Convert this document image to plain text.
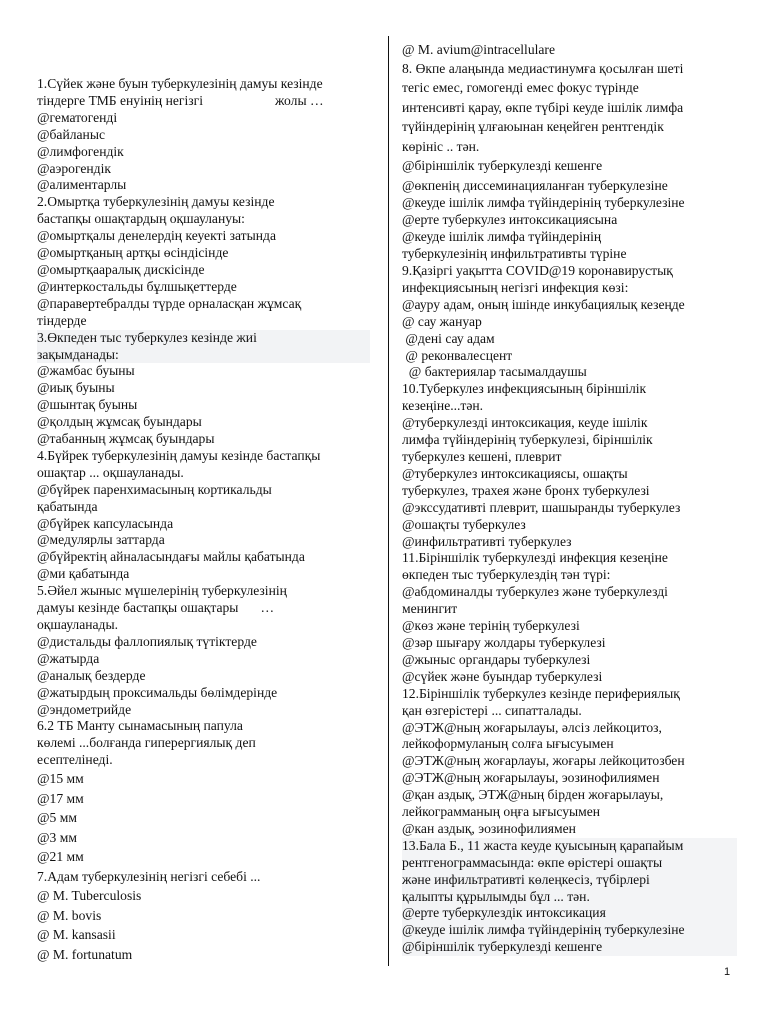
1.Сүйек және буын туберкулезінің дамуы кезінде
тіндерге ТМБ енуінің негізгі	жолы …
@гематогенді
@байланыс
@лимфогендік
@аэрогендік
@алиментарлы
2.Омыртқа туберкулезінің дамуы кезінде
бастапқы ошақтардың оқшаулануы:
@омыртқалы денелердің кеуекті затында
@омыртқаның артқы өсіндісінде
@омыртқааралық дискісінде
@интеркостальды бұлшықеттерде
@паравертебралды түрде орналасқан жұмсақ
тіндерде
3.Өкпеден тыс туберкулез кезінде жиі
зақымданады:
@жамбас буыны
@иық буыны
@шынтақ буыны
@қолдың жұмсақ буындары
@табанның жұмсақ буындары
4.Бүйрек туберкулезінің дамуы кезінде бастапқы
ошақтар ... оқшауланады.
@бүйрек паренхимасының кортикальды
қабатында
@бүйрек капсуласында
@медулярлы заттарда
@бүйректің айналасындағы майлы қабатында
@ми қабатында
5.Әйел жыныс мүшелерінің туберкулезінің
дамуы кезінде бастапқы ошақтары …
оқшауланады.
@дистальды фаллопиялық түтіктерде
@жатырда
@аналық бездерде
@жатырдың проксимальды бөлімдерінде
@эндометрийде
6.2 ТБ Манту сынамасының папула
көлемі ...болғанда гиперергиялық деп
есептелінеді.
@15 мм
@17 мм
@5 мм
@3 мм
@21 мм
7.Адам туберкулезінің негізгі себебі ...
@ M. Tuberculosis
@ M. bovis
@ M. kansasii
@ M. fortunatum
@ M. avium@intracellulare
8. Өкпе алаңында медиастинумға қосылған шеті
тегіс емес, гомогенді емес фокус түрінде
интенсивті қарау, өкпе түбірі кеуде ішілік лимфа
түйіндерінің ұлғаюынан кеңейген рентгендік
көрініс .. тән.
@біріншілік туберкулезді кешенге
@өкпенің диссеминацияланған туберкулезіне
@кеуде ішілік лимфа түйіндерінің туберкулезіне
@ерте туберкулез интоксикациясына
@кеуде ішілік лимфа түйіндерінің
туберкулезінің инфильтративты түріне
9.Қазіргі уақытта COVID@19 коронавирустық
инфекциясының негізгі инфекция көзі:
@ауру адам, оның ішінде инкубациялық кезеңде
@ сау жануар
@дені сау адам
@ реконвалесцент
@ бактериялар тасымалдаушы
10.Туберкулез инфекциясының біріншілік
кезеңіне...тән.
@туберкулезді интоксикация, кеуде ішілік
лимфа түйіндерінің туберкулезі, біріншілік
туберкулез кешені, плеврит
@туберкулез интоксикациясы, ошақты
туберкулез, трахея және бронх туберкулезі
@экссудативті плеврит, шашыранды туберкулез
@ошақты туберкулез
@инфильтративті туберкулез
11.Біріншілік туберкулезді инфекция кезеңіне
өкпеден тыс туберкулездің тән түрі:
@абдоминалды туберкулез және туберкулезді
менингит
@көз және терінің туберкулезі
@зәр шығару жолдары туберкулезі
@жыныс органдары туберкулезі
@сүйек және буындар туберкулезі
12.Біріншілік туберкулез кезінде перифериялық
қан өзгерістері ... сипатталады.
@ЭТЖ@ның жоғарылауы, әлсіз лейкоцитоз,
лейкоформуланың солға ығысуымен
@ЭТЖ@ның жоғарлауы, жоғары лейкоцитозбен
@ЭТЖ@ның жоғарылауы, эозинофилиямен
@қан аздық, ЭТЖ@ның бірден жоғарылауы,
лейкограмманың оңға ығысуымен
@кан аздық, эозинофилиямен
13.Бала Б., 11 жаста кеуде қуысының қарапайым
рентгенограммасында: өкпе өрістері ошақты
және инфильтративті көлеңкесіз, түбірлері
қалыпты құрылымды бұл ... тән.
@ерте туберкулездік интоксикация
@кеуде ішілік лимфа түйіндерінің туберкулезіне
@біріншілік туберкулезді кешенге
1
